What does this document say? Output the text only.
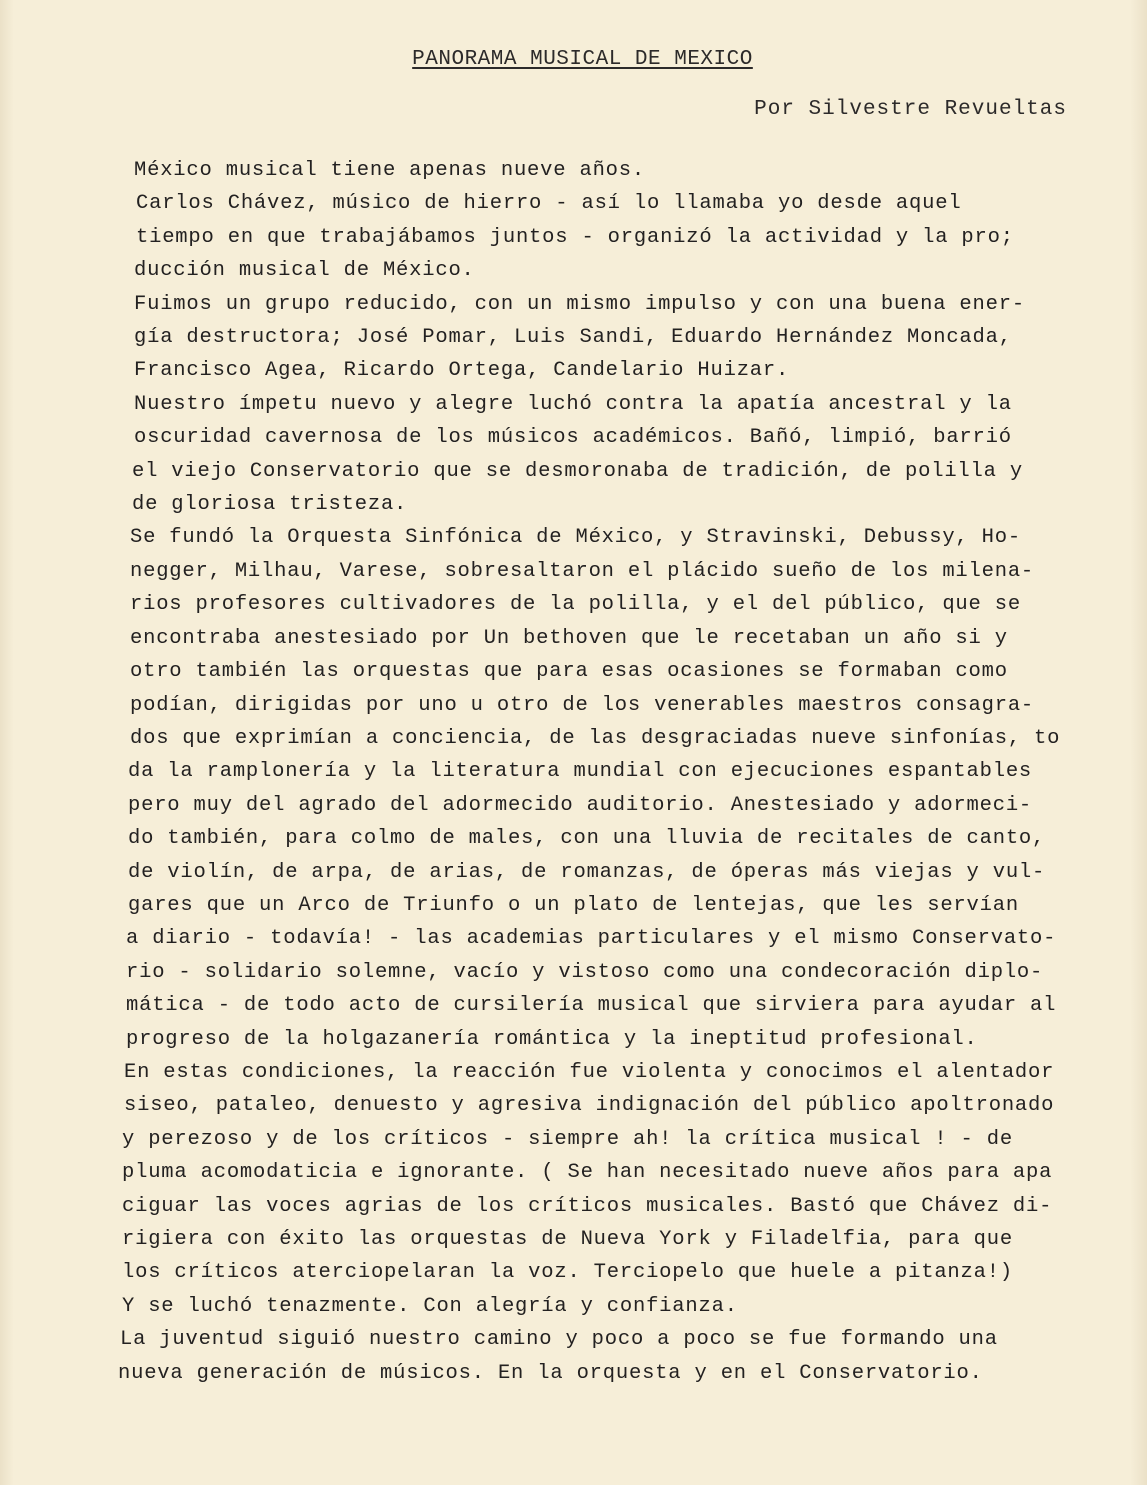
PANORAMA MUSICAL DE MEXICO
Por Silvestre Revueltas
México musical tiene apenas nueve años.
Carlos Chávez, músico de hierro - así lo llamaba yo desde aquel
tiempo en que trabajábamos juntos - organizó la actividad y la pro;
ducción musical de México.
Fuimos un grupo reducido, con un mismo impulso y con una buena ener-
gía destructora; José Pomar, Luis Sandi, Eduardo Hernández Moncada,
Francisco Agea, Ricardo Ortega, Candelario Huizar.
Nuestro ímpetu nuevo y alegre luchó contra la apatía ancestral y la
oscuridad cavernosa de los músicos académicos. Bañó, limpió, barrió
el viejo Conservatorio que se desmoronaba de tradición, de polilla y
de gloriosa tristeza.
Se fundó la Orquesta Sinfónica de México, y Stravinski, Debussy, Ho-
negger, Milhau, Varese, sobresaltaron el plácido sueño de los milena-
rios profesores cultivadores de la polilla, y el del público, que se
encontraba anestesiado por Un bethoven que le recetaban un año si y
otro también las orquestas que para esas ocasiones se formaban como
podían, dirigidas por uno u otro de los venerables maestros consagra-
dos que exprimían a conciencia, de las desgraciadas nueve sinfonías, to
da la ramplonería y la literatura mundial con ejecuciones espantables
pero muy del agrado del adormecido auditorio. Anestesiado y adormeci-
do también, para colmo de males, con una lluvia de recitales de canto,
de violín, de arpa, de arias, de romanzas, de óperas más viejas y vul-
gares que un Arco de Triunfo o un plato de lentejas, que les servían
a diario - todavía! - las academias particulares y el mismo Conservato-
rio - solidario solemne, vacío y vistoso como una condecoración diplo-
mática - de todo acto de cursilería musical que sirviera para ayudar al
progreso de la holgazanería romántica y la ineptitud profesional.
En estas condiciones, la reacción fue violenta y conocimos el alentador
siseo, pataleo, denuesto y agresiva indignación del público apoltronado
y perezoso y de los críticos - siempre ah! la crítica musical ! - de
pluma acomodaticia e ignorante. ( Se han necesitado nueve años para apa
ciguar las voces agrias de los críticos musicales. Bastó que Chávez di-
rigiera con éxito las orquestas de Nueva York y Filadelfia, para que
los críticos aterciopelaran la voz. Terciopelo que huele a pitanza!)
Y se luchó tenazmente. Con alegría y confianza.
La juventud siguió nuestro camino y poco a poco se fue formando una
nueva generación de músicos. En la orquesta y en el Conservatorio.
